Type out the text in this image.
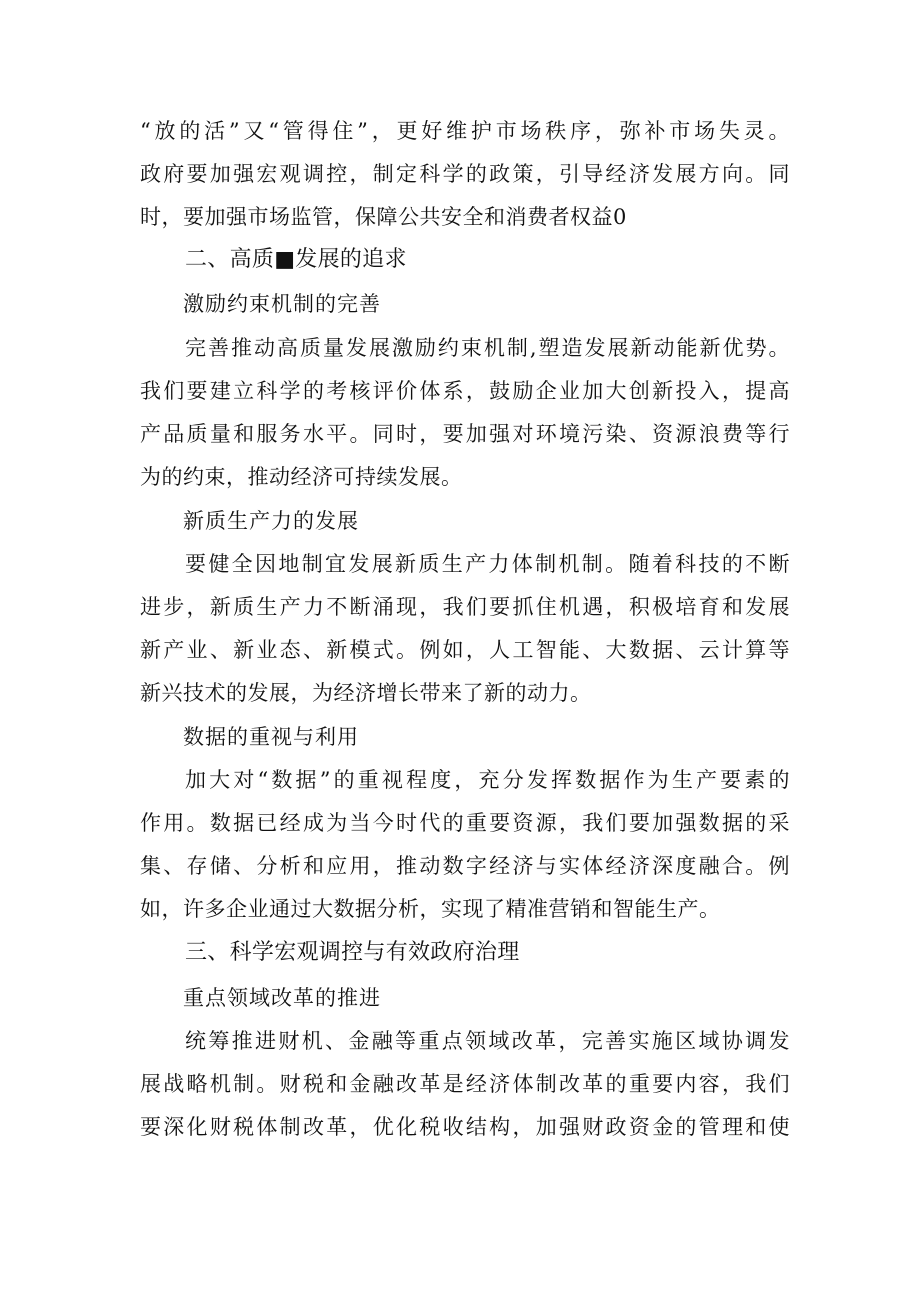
“放的活”又“管得住”，更好维护市场秩序，弥补市场失灵。
政府要加强宏观调控，制定科学的政策，引导经济发展方向。同
时，要加强市场监管，保障公共安全和消费者权益0
二、高质■发展的追求
激励约束机制的完善
完善推动高质量发展激励约束机制,塑造发展新动能新优势。
我们要建立科学的考核评价体系，鼓励企业加大创新投入，提高
产品质量和服务水平。同时，要加强对环境污染、资源浪费等行
为的约束，推动经济可持续发展。
新质生产力的发展
要健全因地制宜发展新质生产力体制机制。随着科技的不断
进步，新质生产力不断涌现，我们要抓住机遇，积极培育和发展
新产业、新业态、新模式。例如，人工智能、大数据、云计算等
新兴技术的发展，为经济增长带来了新的动力。
数据的重视与利用
加大对“数据”的重视程度，充分发挥数据作为生产要素的
作用。数据已经成为当今时代的重要资源，我们要加强数据的采
集、存储、分析和应用，推动数字经济与实体经济深度融合。例
如，许多企业通过大数据分析，实现了精准营销和智能生产。
三、科学宏观调控与有效政府治理
重点领域改革的推进
统筹推进财机、金融等重点领域改革，完善实施区域协调发
展战略机制。财税和金融改革是经济体制改革的重要内容，我们
要深化财税体制改革，优化税收结构，加强财政资金的管理和使
